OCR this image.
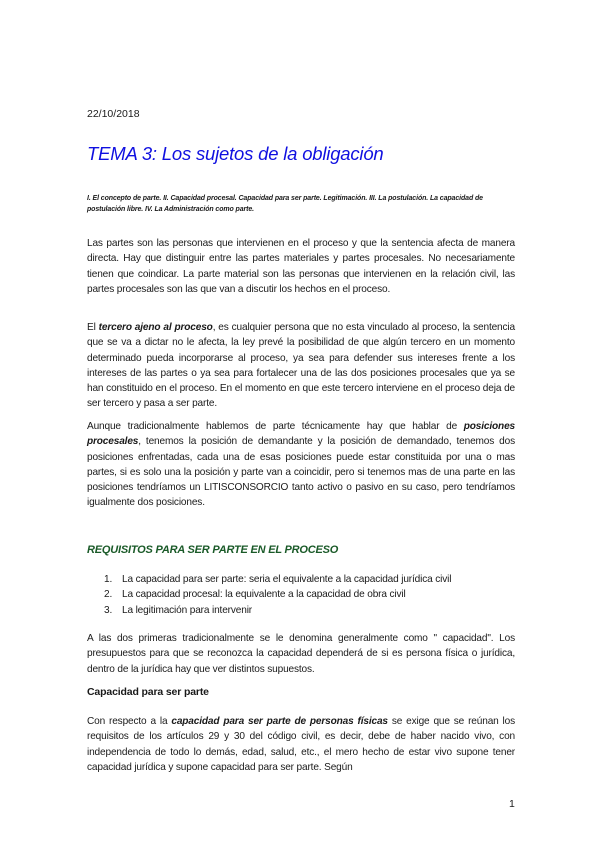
22/10/2018
TEMA 3: Los sujetos de la obligación
I. El concepto de parte. II. Capacidad procesal. Capacidad para ser parte. Legitimación. III. La postulación. La capacidad de postulación libre. IV. La Administración como parte.

Las partes son las personas que intervienen en el proceso y que la sentencia afecta de manera directa. Hay que distinguir entre las partes materiales y partes procesales. No necesariamente tienen que coindicar. La parte material son las personas que intervienen en la relación civil, las partes procesales son las que van a discutir los hechos en el proceso.

El tercero ajeno al proceso, es cualquier persona que no esta vinculado al proceso, la sentencia que se va a dictar no le afecta, la ley prevé la posibilidad de que algún tercero en un momento determinado pueda incorporarse al proceso, ya sea para defender sus intereses frente a los intereses de las partes o ya sea para fortalecer una de las dos posiciones procesales que ya se han constituido en el proceso. En el momento en que este tercero interviene en el proceso deja de ser tercero y pasa a ser parte.

Aunque tradicionalmente hablemos de parte técnicamente hay que hablar de posiciones procesales, tenemos la posición de demandante y la posición de demandado, tenemos dos posiciones enfrentadas, cada una de esas posiciones puede estar constituida por una o mas partes, si es solo una la posición y parte van a coincidir, pero si tenemos mas de una parte en las posiciones tendríamos un LITISCONSORCIO tanto activo o pasivo en su caso, pero tendríamos igualmente dos posiciones.

REQUISITOS PARA SER PARTE EN EL PROCESO
1. La capacidad para ser parte: seria el equivalente a la capacidad jurídica civil
2. La capacidad procesal: la equivalente a la capacidad de obra civil
3. La legitimación para intervenir

A las dos primeras tradicionalmente se le denomina generalmente como " capacidad". Los presupuestos para que se reconozca la capacidad dependerá de si es persona física o jurídica, dentro de la jurídica hay que ver distintos supuestos.

Capacidad para ser parte

Con respecto a la capacidad para ser parte de personas físicas se exige que se reúnan los requisitos de los artículos 29 y 30 del código civil, es decir, debe de haber nacido vivo, con independencia de todo lo demás, edad, salud, etc., el mero hecho de estar vivo supone tener capacidad jurídica y supone capacidad para ser parte. Según

1
